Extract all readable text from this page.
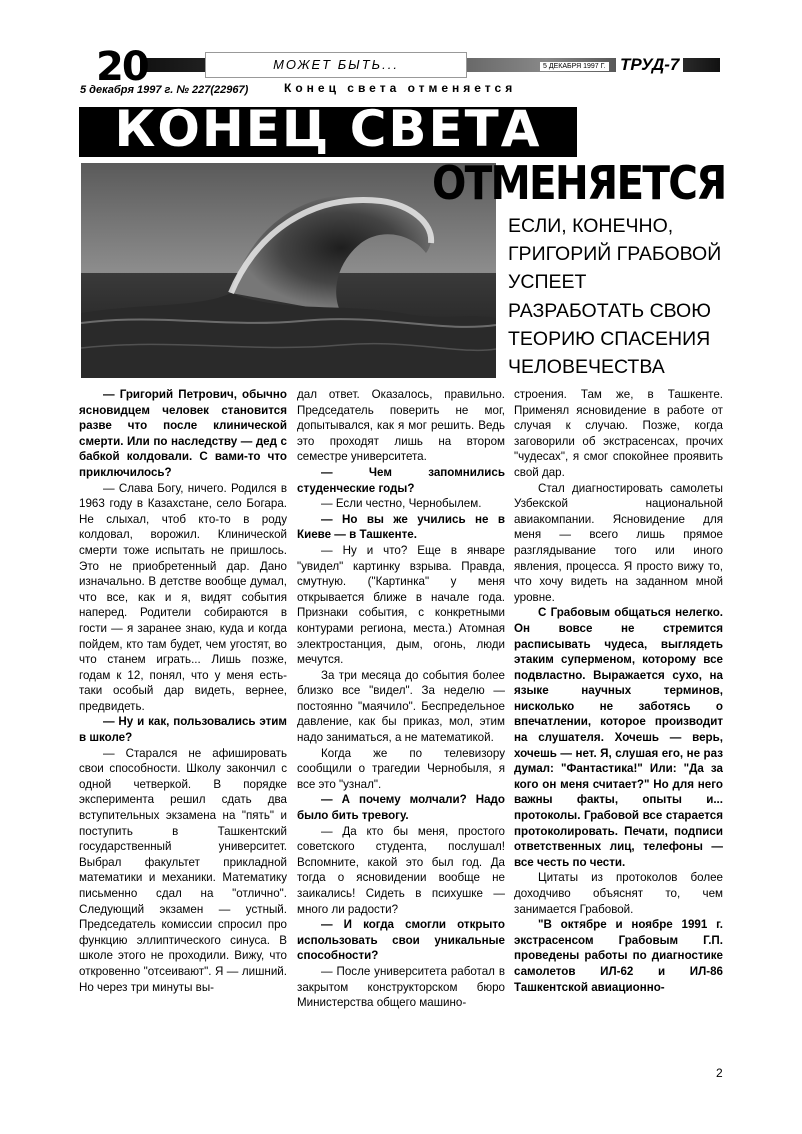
20	МОЖЕТ БЫТЬ...	5 ДЕКАБРЯ 1997 Г. ТРУД-7
5 декабря 1997 г. № 227(22967)	Конец света отменяется
КОНЕЦ СВЕТА
ОТМЕНЯЕТСЯ
ЕСЛИ, КОНЕЧНО,
ГРИГОРИЙ ГРАБОВОЙ
УСПЕЕТ
РАЗРАБОТАТЬ СВОЮ
ТЕОРИЮ СПАСЕНИЯ
ЧЕЛОВЕЧЕСТВА

— Григорий Петрович, обычно ясновидцем человек становится разве что после клинической смерти. Или по наследству — дед с бабкой колдовали. С вами-то что приключилось?

— Слава Богу, ничего. Родился в 1963 году в Казахстане, село Богара. Не слыхал, чтоб кто-то в роду колдовал, ворожил. Клинической смерти тоже испытать не пришлось. Это не приобретенный дар. Дано изначально. В детстве вообще думал, что все, как и я, видят события наперед. Родители собираются в гости — я заранее знаю, куда и когда пойдем, кто там будет, чем угостят, во что станем играть... Лишь позже, годам к 12, понял, что у меня есть-таки особый дар видеть, вернее, предвидеть.

— Ну и как, пользовались этим в школе?

— Старался не афишировать свои способности. Школу закончил с одной четверкой. В порядке эксперимента решил сдать два вступительных экзамена на "пять" и поступить в Ташкентский государственный университет. Выбрал факультет прикладной математики и механики. Математику письменно сдал на "отлично". Следующий экзамен — устный. Председатель комиссии спросил про функцию эллиптического синуса. В школе этого не проходили. Вижу, что откровенно "отсеивают". Я — лишний. Но через три минуты вы-

дал ответ. Оказалось, правильно. Председатель поверить не мог, допытывался, как я мог решить. Ведь это проходят лишь на втором семестре университета.

— Чем запомнились студенческие годы?

— Если честно, Чернобылем.

— Но вы же учились не в Киеве — в Ташкенте.

— Ну и что? Еще в январе "увидел" картинку взрыва. Правда, смутную. ("Картинка" у меня открывается ближе в начале года. Признаки события, с конкретными контурами региона, места.) Атомная электростанция, дым, огонь, люди мечутся.

За три месяца до события более близко все "видел". За неделю — постоянно "маячило". Беспредельное давление, как бы приказ, мол, этим надо заниматься, а не математикой.

Когда же по телевизору сообщили о трагедии Чернобыля, я все это "узнал".

— А почему молчали? Надо было бить тревогу.

— Да кто бы меня, простого советского студента, послушал! Вспомните, какой это был год. Да тогда о ясновидении вообще не заикались! Сидеть в психушке — много ли радости?

— И когда смогли открыто использовать свои уникальные способности?

— После университета работал в закрытом конструкторском бюро Министерства общего машино-

строения. Там же, в Ташкенте. Применял ясновидение в работе от случая к случаю. Позже, когда заговорили об экстрасенсах, прочих "чудесах", я смог спокойнее проявить свой дар.

Стал диагностировать самолеты Узбекской национальной авиакомпании. Ясновидение для меня — всего лишь прямое разглядывание того или иного явления, процесса. Я просто вижу то, что хочу видеть на заданном мной уровне.

С Грабовым общаться нелегко. Он вовсе не стремится расписывать чудеса, выглядеть этаким суперменом, которому все подвластно. Выражается сухо, на языке научных терминов, нисколько не заботясь о впечатлении, которое производит на слушателя. Хочешь — верь, хочешь — нет. Я, слушая его, не раз думал: "Фантастика!" Или: "Да за кого он меня считает?" Но для него важны факты, опыты и... протоколы. Грабовой все старается протоколировать. Печати, подписи ответственных лиц, телефоны — все честь по чести.

Цитаты из протоколов более доходчиво объяснят то, чем занимается Грабовой.

"В октябре и ноябре 1991 г. экстрасенсом Грабовым Г.П. проведены работы по диагностике самолетов ИЛ-62 и ИЛ-86 Ташкентской авиационно-

2
